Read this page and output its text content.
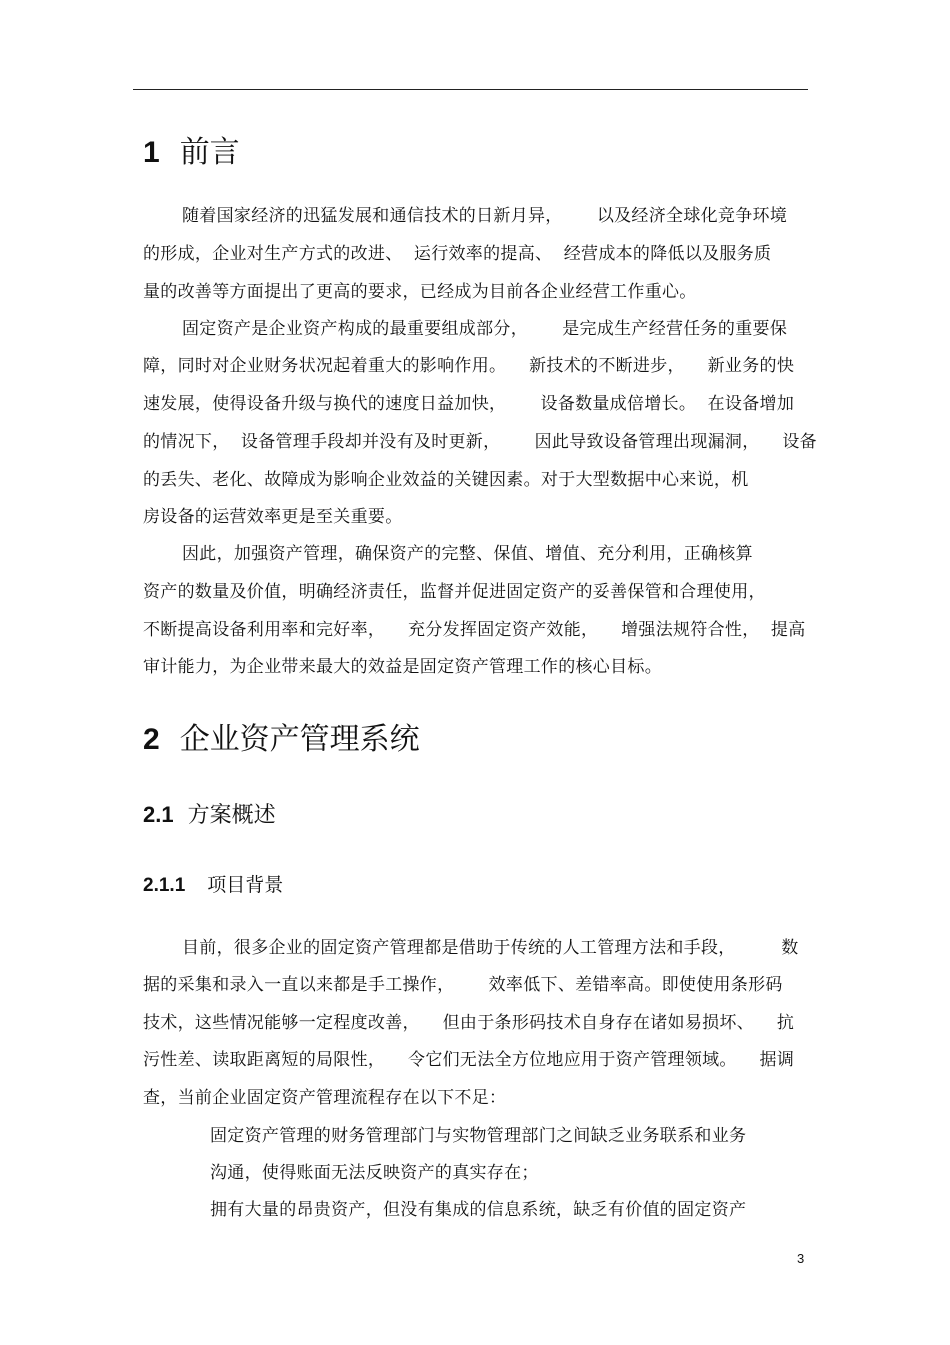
1 前言
随着国家经济的迅猛发展和通信技术的日新月异，      以及经济全球化竞争环境
的形成，企业对生产方式的改进、  运行效率的提高、  经营成本的降低以及服务质
量的改善等方面提出了更高的要求，已经成为目前各企业经营工作重心。
固定资产是企业资产构成的最重要组成部分，      是完成生产经营任务的重要保
障，同时对企业财务状况起着重大的影响作用。    新技术的不断进步，    新业务的快
速发展，使得设备升级与换代的速度日益加快，      设备数量成倍增长。  在设备增加
的情况下，  设备管理手段却并没有及时更新，      因此导致设备管理出现漏洞，    设备
的丢失、老化、故障成为影响企业效益的关键因素。对于大型数据中心来说，机
房设备的运营效率更是至关重要。
因此，加强资产管理，确保资产的完整、保值、增值、充分利用，正确核算
资产的数量及价值，明确经济责任，监督并促进固定资产的妥善保管和合理使用，
不断提高设备利用率和完好率，    充分发挥固定资产效能，    增强法规符合性，  提高
审计能力，为企业带来最大的效益是固定资产管理工作的核心目标。
2 企业资产管理系统
2.1 方案概述
2.1.1 项目背景
目前，很多企业的固定资产管理都是借助于传统的人工管理方法和手段，        数
据的采集和录入一直以来都是手工操作，      效率低下、差错率高。即使使用条形码
技术，这些情况能够一定程度改善，    但由于条形码技术自身存在诸如易损坏、    抗
污性差、读取距离短的局限性，    令它们无法全方位地应用于资产管理领域。    据调
查，当前企业固定资产管理流程存在以下不足：
固定资产管理的财务管理部门与实物管理部门之间缺乏业务联系和业务
沟通，使得账面无法反映资产的真实存在；
拥有大量的昂贵资产，但没有集成的信息系统，缺乏有价值的固定资产
3
